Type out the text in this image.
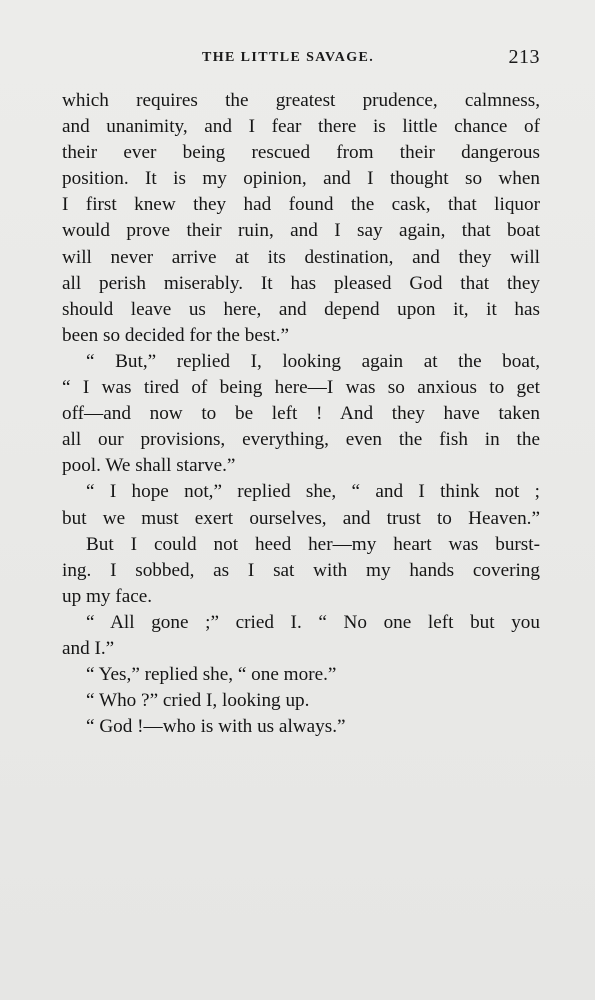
THE LITTLE SAVAGE.	213
which requires the greatest prudence, calmness,
and unanimity, and I fear there is little chance of
their ever being rescued from their dangerous
position. It is my opinion, and I thought so when
I first knew they had found the cask, that liquor
would prove their ruin, and I say again, that boat
will never arrive at its destination, and they will
all perish miserably. It has pleased God that they
should leave us here, and depend upon it, it has
been so decided for the best.”
“ But,” replied I, looking again at the boat,
“ I was tired of being here—I was so anxious to get
off—and now to be left ! And they have taken
all our provisions, everything, even the fish in the
pool. We shall starve.”
“ I hope not,” replied she, “ and I think not ;
but we must exert ourselves, and trust to Heaven.”
But I could not heed her—my heart was burst-
ing. I sobbed, as I sat with my hands covering
up my face.
“ All gone ;” cried I. “ No one left but you
and I.”
“ Yes,” replied she, “ one more.”
“ Who ?” cried I, looking up.
“ God !—who is with us always.”
